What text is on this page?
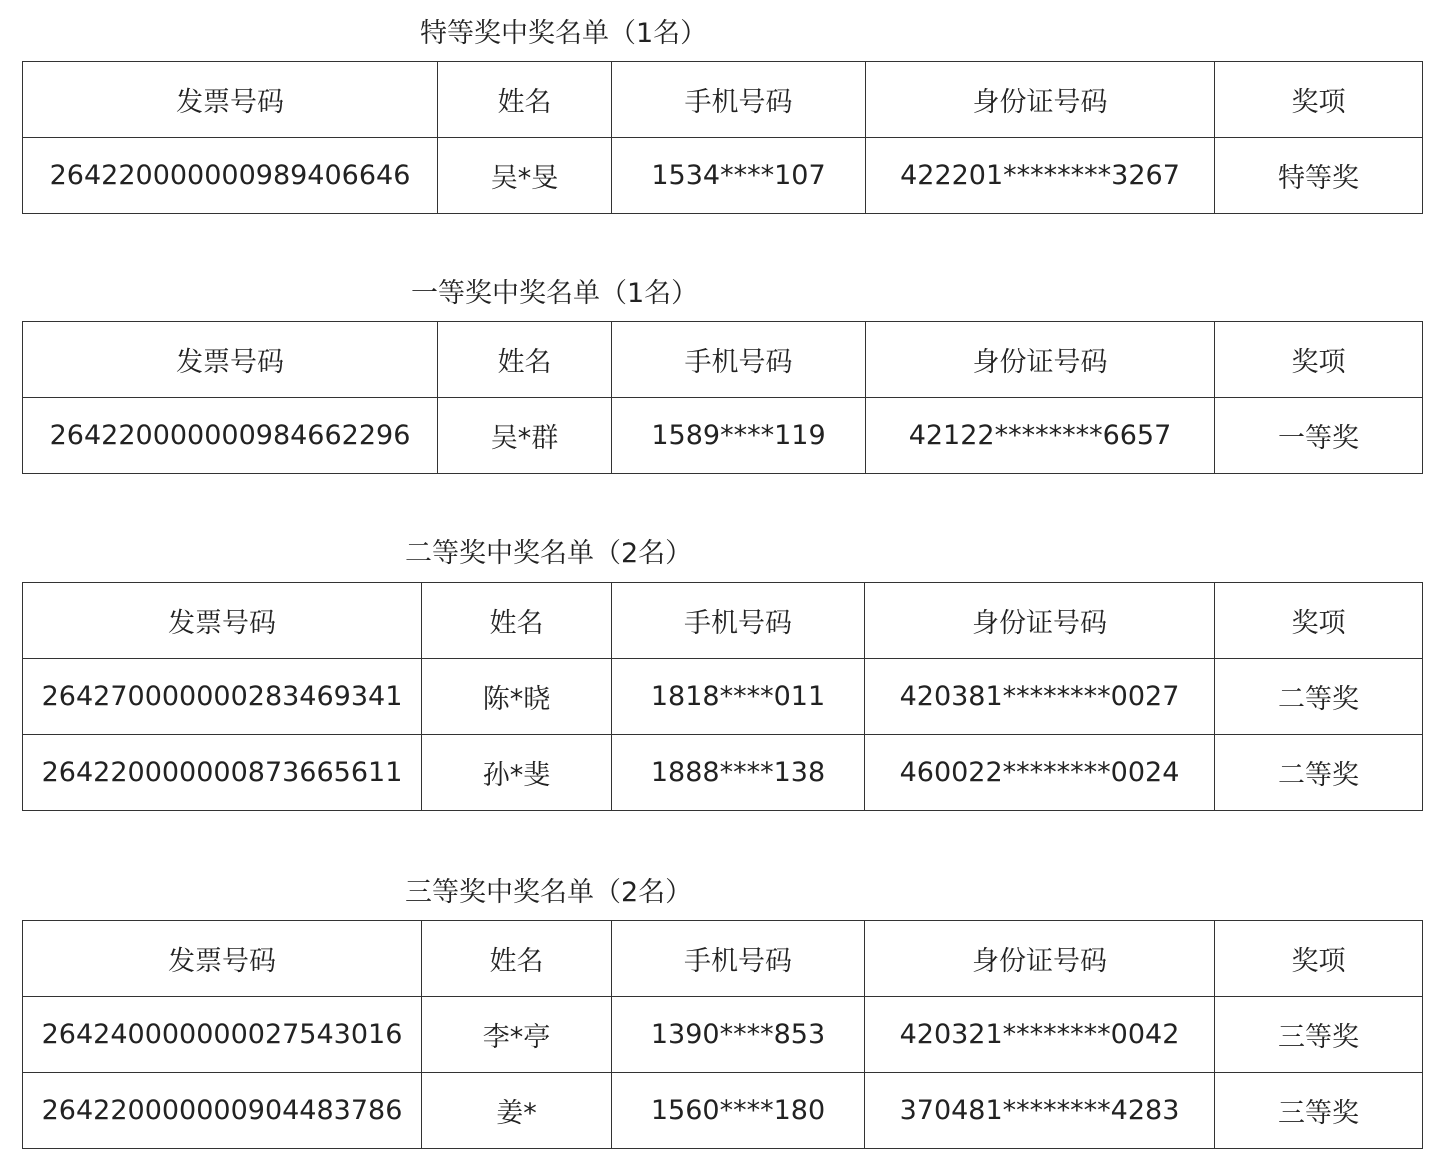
特等奖中奖名单（1名）
发票号码	姓名	手机号码	身份证号码	奖项
264220000000989406646	吴*旻	1534****107	422201********3267	特等奖
一等奖中奖名单（1名）
发票号码	姓名	手机号码	身份证号码	奖项
264220000000984662296	吴*群	1589****119	42122********6657	一等奖
二等奖中奖名单（2名）
发票号码	姓名	手机号码	身份证号码	奖项
264270000000283469341	陈*晓	1818****011	420381********0027	二等奖
264220000000873665611	孙*斐	1888****138	460022********0024	二等奖
三等奖中奖名单（2名）
发票号码	姓名	手机号码	身份证号码	奖项
264240000000027543016	李*亭	1390****853	420321********0042	三等奖
264220000000904483786	姜*	1560****180	370481********4283	三等奖
